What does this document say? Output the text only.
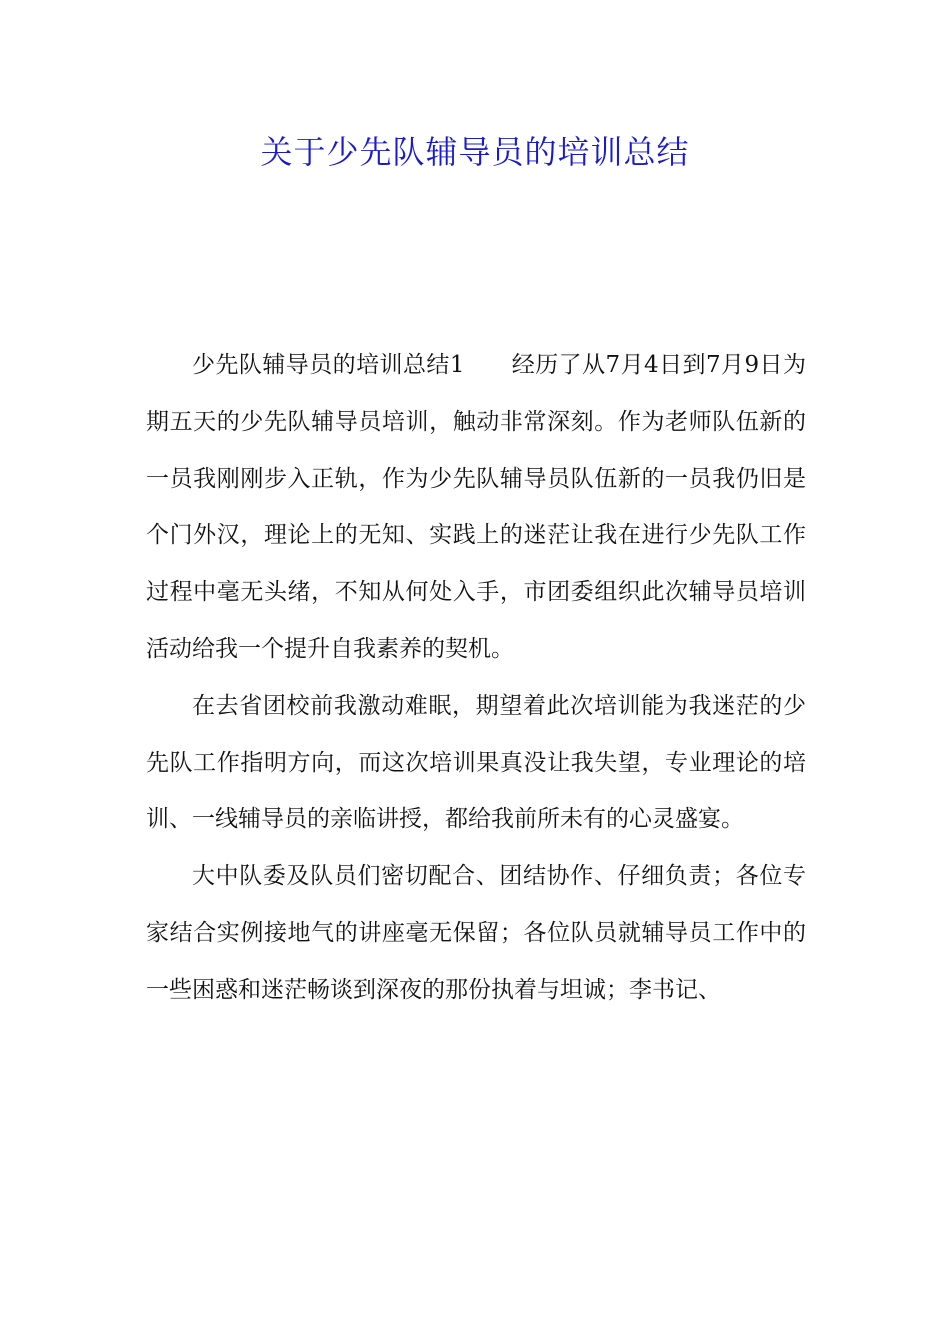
关于少先队辅导员的培训总结

少先队辅导员的培训总结1　　经历了从7月4日到7月9日为期五天的少先队辅导员培训，触动非常深刻。作为老师队伍新的一员我刚刚步入正轨，作为少先队辅导员队伍新的一员我仍旧是个门外汉，理论上的无知、实践上的迷茫让我在进行少先队工作过程中毫无头绪，不知从何处入手，市团委组织此次辅导员培训活动给我一个提升自我素养的契机。

在去省团校前我激动难眠，期望着此次培训能为我迷茫的少先队工作指明方向，而这次培训果真没让我失望，专业理论的培训、一线辅导员的亲临讲授，都给我前所未有的心灵盛宴。

大中队委及队员们密切配合、团结协作、仔细负责；各位专家结合实例接地气的讲座毫无保留；各位队员就辅导员工作中的一些困惑和迷茫畅谈到深夜的那份执着与坦诚；李书记、
